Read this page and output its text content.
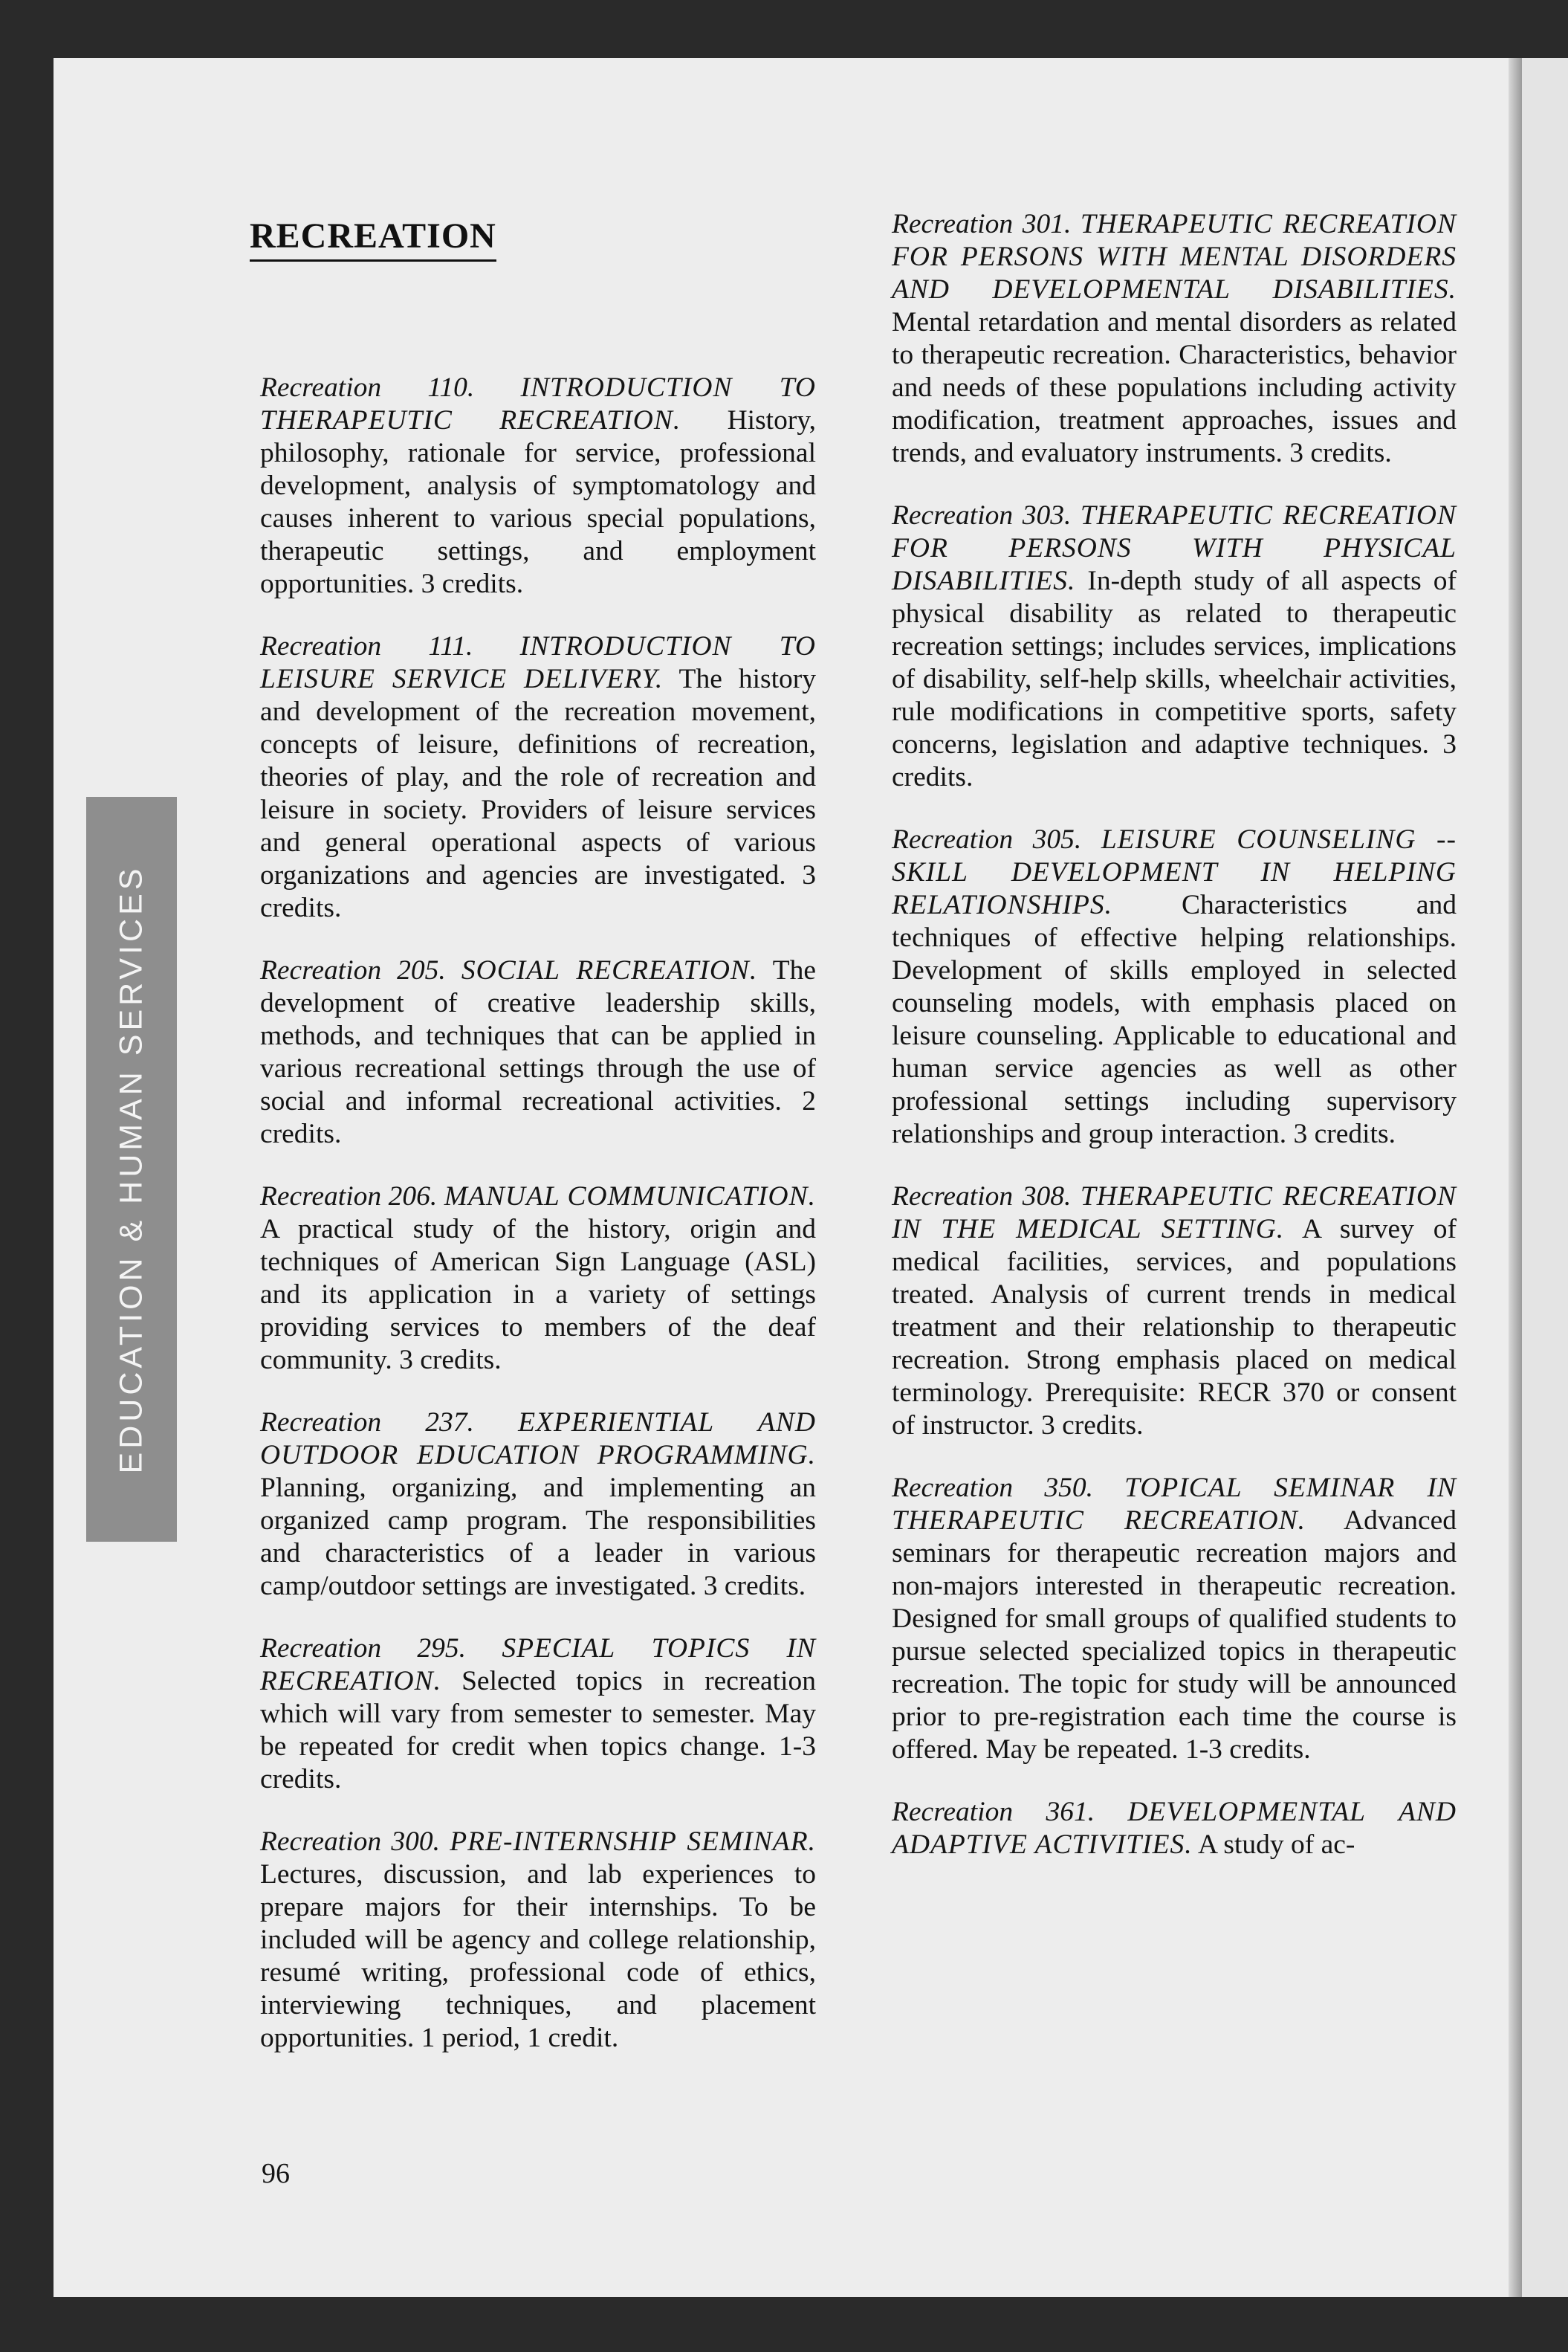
EDUCATION & HUMAN SERVICES
RECREATION

Recreation 110. INTRODUCTION TO THERAPEUTIC RECREATION. History, philosophy, rationale for service, professional development, analysis of symptomatology and causes inherent to various special populations, therapeutic settings, and employment opportunities. 3 credits.

Recreation 111. INTRODUCTION TO LEISURE SERVICE DELIVERY. The history and development of the recreation movement, concepts of leisure, definitions of recreation, theories of play, and the role of recreation and leisure in society. Providers of leisure services and general operational aspects of various organizations and agencies are investigated. 3 credits.

Recreation 205. SOCIAL RECREATION. The development of creative leadership skills, methods, and techniques that can be applied in various recreational settings through the use of social and informal recreational activities. 2 credits.

Recreation 206. MANUAL COMMUNICATION. A practical study of the history, origin and techniques of American Sign Language (ASL) and its application in a variety of settings providing services to members of the deaf community. 3 credits.

Recreation 237. EXPERIENTIAL AND OUTDOOR EDUCATION PROGRAMMING. Planning, organizing, and implementing an organized camp program. The responsibilities and characteristics of a leader in various camp/outdoor settings are investigated. 3 credits.

Recreation 295. SPECIAL TOPICS IN RECREATION. Selected topics in recreation which will vary from semester to semester. May be repeated for credit when topics change. 1-3 credits.

Recreation 300. PRE-INTERNSHIP SEMINAR. Lectures, discussion, and lab experiences to prepare majors for their internships. To be included will be agency and college relationship, resumé writing, professional code of ethics, interviewing techniques, and placement opportunities. 1 period, 1 credit.

Recreation 301. THERAPEUTIC RECREATION FOR PERSONS WITH MENTAL DISORDERS AND DEVELOPMENTAL DISABILITIES. Mental retardation and mental disorders as related to therapeutic recreation. Characteristics, behavior and needs of these populations including activity modification, treatment approaches, issues and trends, and evaluatory instruments. 3 credits.

Recreation 303. THERAPEUTIC RECREATION FOR PERSONS WITH PHYSICAL DISABILITIES. In-depth study of all aspects of physical disability as related to therapeutic recreation settings; includes services, implications of disability, self-help skills, wheelchair activities, rule modifications in competitive sports, safety concerns, legislation and adaptive techniques. 3 credits.

Recreation 305. LEISURE COUNSELING -- SKILL DEVELOPMENT IN HELPING RELATIONSHIPS. Characteristics and techniques of effective helping relationships. Development of skills employed in selected counseling models, with emphasis placed on leisure counseling. Applicable to educational and human service agencies as well as other professional settings including supervisory relationships and group interaction. 3 credits.

Recreation 308. THERAPEUTIC RECREATION IN THE MEDICAL SETTING. A survey of medical facilities, services, and populations treated. Analysis of current trends in medical treatment and their relationship to therapeutic recreation. Strong emphasis placed on medical terminology. Prerequisite: RECR 370 or consent of instructor. 3 credits.

Recreation 350. TOPICAL SEMINAR IN THERAPEUTIC RECREATION. Advanced seminars for therapeutic recreation majors and non-majors interested in therapeutic recreation. Designed for small groups of qualified students to pursue selected specialized topics in therapeutic recreation. The topic for study will be announced prior to pre-registration each time the course is offered. May be repeated. 1-3 credits.

Recreation 361. DEVELOPMENTAL AND ADAPTIVE ACTIVITIES. A study of ac-

96
